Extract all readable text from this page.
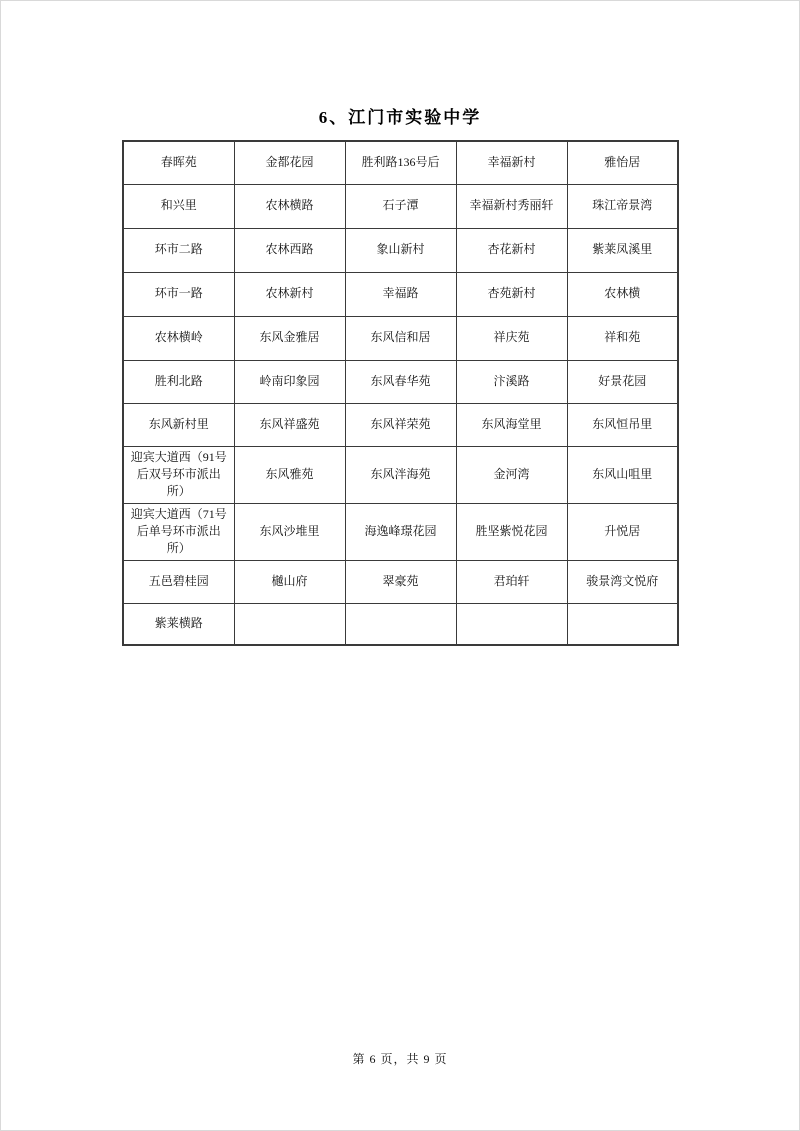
6、江门市实验中学
春晖苑	金都花园	胜利路136号后	幸福新村	雅怡居
和兴里	农林横路	石子潭	幸福新村秀丽轩	珠江帝景湾
环市二路	农林西路	象山新村	杏花新村	紫莱凤溪里
环市一路	农林新村	幸福路	杏苑新村	农林横
农林横岭	东风金雅居	东风信和居	祥庆苑	祥和苑
胜利北路	岭南印象园	东风春华苑	汴溪路	好景花园
东风新村里	东风祥盛苑	东风祥荣苑	东风海堂里	东风恒吊里
迎宾大道西（91号后双号环市派出所）	东风雅苑	东风泮海苑	金河湾	东风山咀里
迎宾大道西（71号后单号环市派出所）	东风沙堆里	海逸峰璟花园	胜坚紫悦花园	升悦居
五邑碧桂园	樾山府	翠豪苑	君珀轩	骏景湾文悦府
紫莱横路				
第 6 页，共 9 页
